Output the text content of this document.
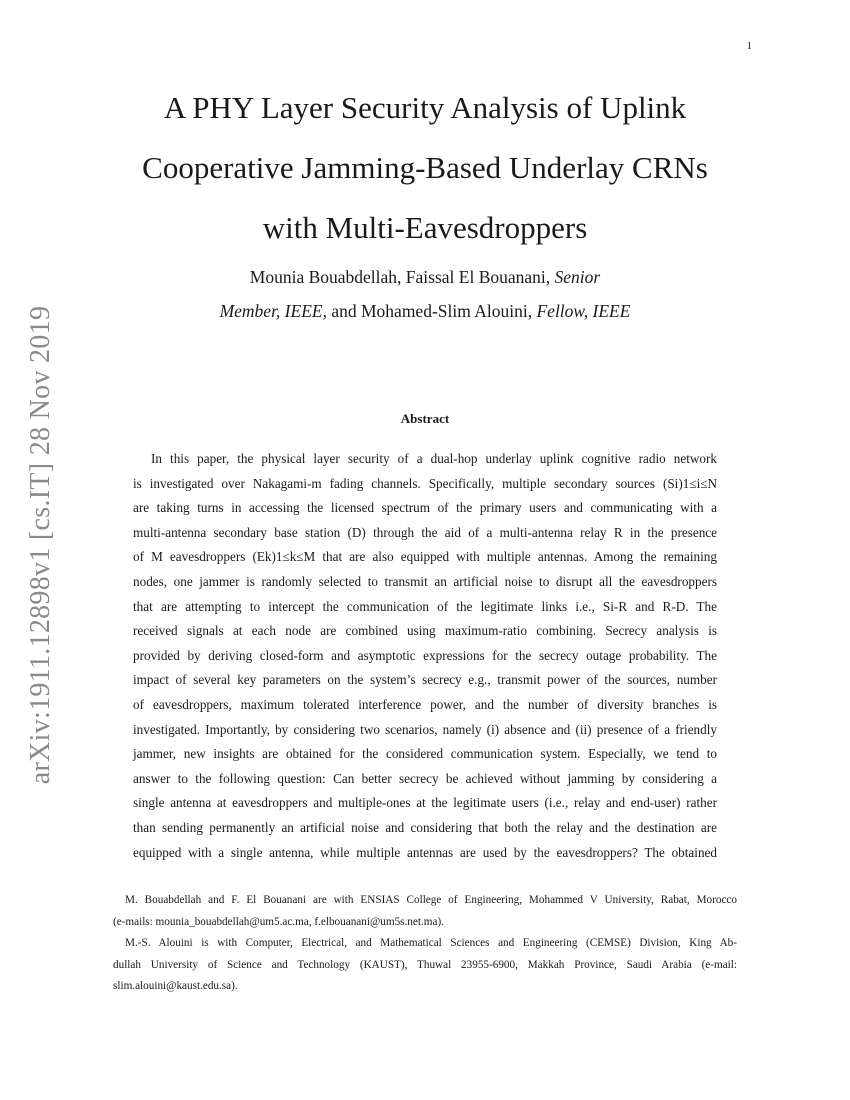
1
arXiv:1911.12898v1 [cs.IT] 28 Nov 2019
A PHY Layer Security Analysis of Uplink
Cooperative Jamming-Based Underlay CRNs
with Multi-Eavesdroppers
Mounia Bouabdellah, Faissal El Bouanani, Senior
Member, IEEE, and Mohamed-Slim Alouini, Fellow, IEEE
Abstract
In this paper, the physical layer security of a dual-hop underlay uplink cognitive radio network
is investigated over Nakagami-m fading channels. Specifically, multiple secondary sources (Si)1≤i≤N
are taking turns in accessing the licensed spectrum of the primary users and communicating with a
multi-antenna secondary base station (D) through the aid of a multi-antenna relay R in the presence
of M eavesdroppers (Ek)1≤k≤M that are also equipped with multiple antennas. Among the remaining
nodes, one jammer is randomly selected to transmit an artificial noise to disrupt all the eavesdroppers
that are attempting to intercept the communication of the legitimate links i.e., Si-R and R-D. The
received signals at each node are combined using maximum-ratio combining. Secrecy analysis is
provided by deriving closed-form and asymptotic expressions for the secrecy outage probability. The
impact of several key parameters on the system’s secrecy e.g., transmit power of the sources, number
of eavesdroppers, maximum tolerated interference power, and the number of diversity branches is
investigated. Importantly, by considering two scenarios, namely (i) absence and (ii) presence of a friendly
jammer, new insights are obtained for the considered communication system. Especially, we tend to
answer to the following question: Can better secrecy be achieved without jamming by considering a
single antenna at eavesdroppers and multiple-ones at the legitimate users (i.e., relay and end-user) rather
than sending permanently an artificial noise and considering that both the relay and the destination are
equipped with a single antenna, while multiple antennas are used by the eavesdroppers? The obtained
M. Bouabdellah and F. El Bouanani are with ENSIAS College of Engineering, Mohammed V University, Rabat, Morocco
(e-mails: mounia_bouabdellah@um5.ac.ma, f.elbouanani@um5s.net.ma).
M.-S. Alouini is with Computer, Electrical, and Mathematical Sciences and Engineering (CEMSE) Division, King Ab-
dullah University of Science and Technology (KAUST), Thuwal 23955-6900, Makkah Province, Saudi Arabia (e-mail:
slim.alouini@kaust.edu.sa).
